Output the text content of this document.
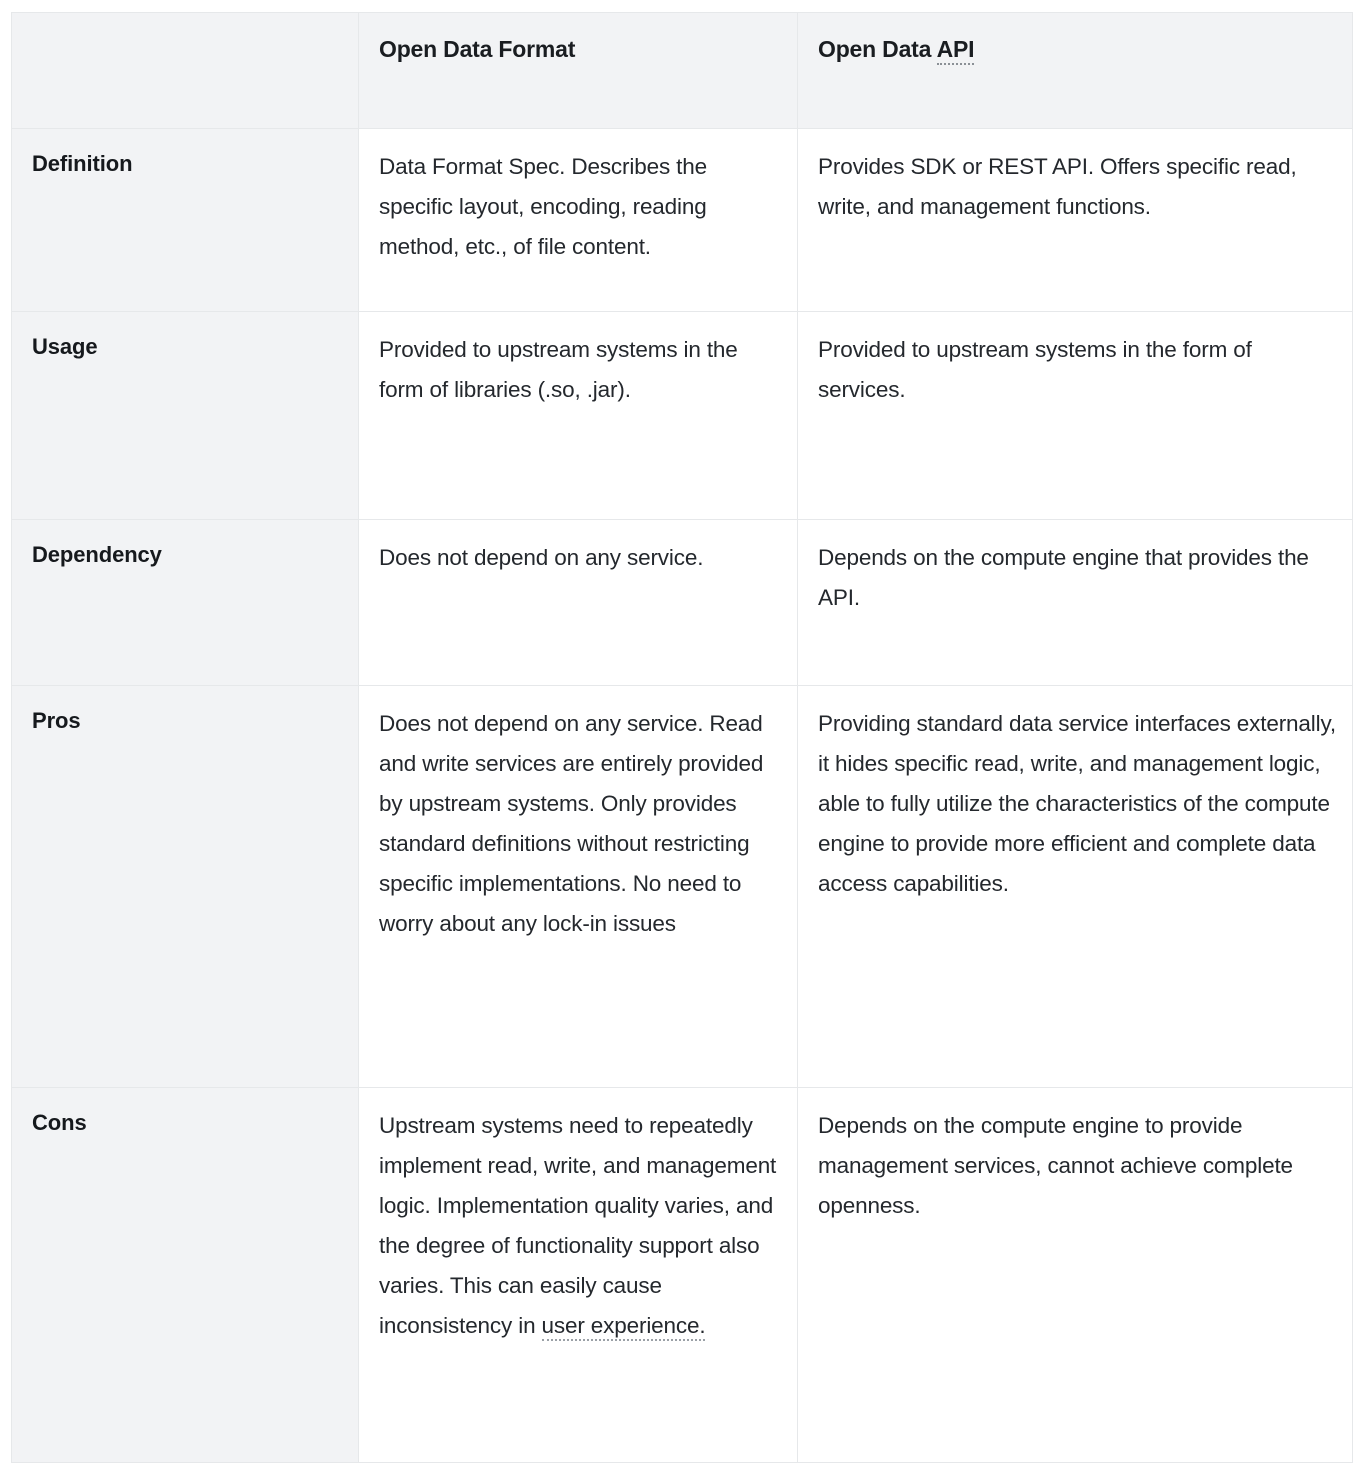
	Open Data Format	Open Data API
Definition	Data Format Spec. Describes the specific layout, encoding, reading method, etc., of file content.	Provides SDK or REST API. Offers specific read, write, and management functions.
Usage	Provided to upstream systems in the form of libraries (.so, .jar).	Provided to upstream systems in the form of services.
Dependency	Does not depend on any service.	Depends on the compute engine that provides the API.
Pros	Does not depend on any service. Read and write services are entirely provided by upstream systems. Only provides standard definitions without restricting specific implementations. No need to worry about any lock-in issues	Providing standard data service interfaces externally, it hides specific read, write, and management logic, able to fully utilize the characteristics of the compute engine to provide more efficient and complete data access capabilities.
Cons	Upstream systems need to repeatedly implement read, write, and management logic. Implementation quality varies, and the degree of functionality support also varies. This can easily cause inconsistency in user experience.	Depends on the compute engine to provide management services, cannot achieve complete openness.
